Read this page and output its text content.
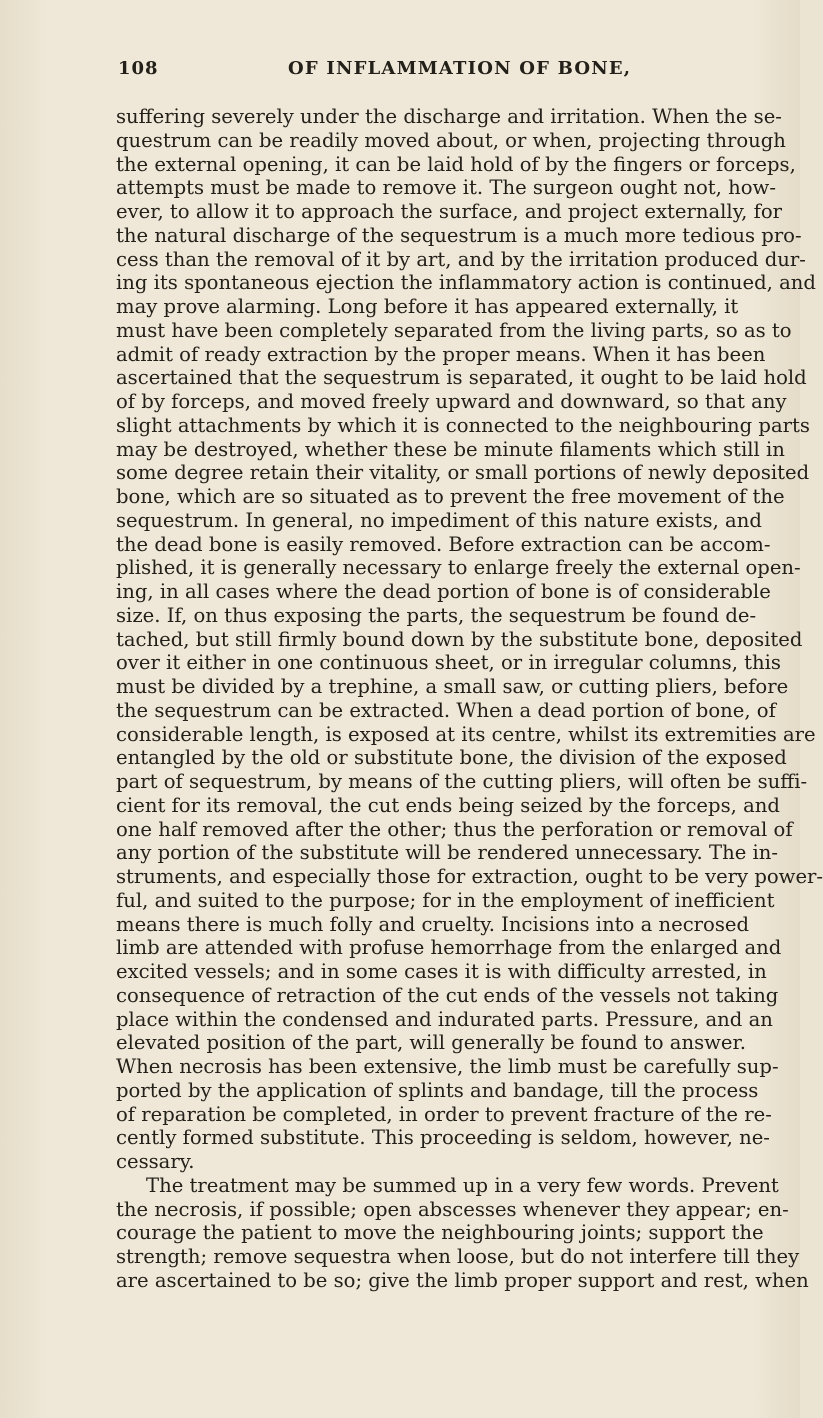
108	OF INFLAMMATION OF BONE,
suffering severely under the discharge and irritation. When the se-
questrum can be readily moved about, or when, projecting through
the external opening, it can be laid hold of by the fingers or forceps,
attempts must be made to remove it. The surgeon ought not, how-
ever, to allow it to approach the surface, and project externally, for
the natural discharge of the sequestrum is a much more tedious pro-
cess than the removal of it by art, and by the irritation produced dur-
ing its spontaneous ejection the inflammatory action is continued, and
may prove alarming. Long before it has appeared externally, it
must have been completely separated from the living parts, so as to
admit of ready extraction by the proper means. When it has been
ascertained that the sequestrum is separated, it ought to be laid hold
of by forceps, and moved freely upward and downward, so that any
slight attachments by which it is connected to the neighbouring parts
may be destroyed, whether these be minute filaments which still in
some degree retain their vitality, or small portions of newly deposited
bone, which are so situated as to prevent the free movement of the
sequestrum. In general, no impediment of this nature exists, and
the dead bone is easily removed. Before extraction can be accom-
plished, it is generally necessary to enlarge freely the external open-
ing, in all cases where the dead portion of bone is of considerable
size. If, on thus exposing the parts, the sequestrum be found de-
tached, but still firmly bound down by the substitute bone, deposited
over it either in one continuous sheet, or in irregular columns, this
must be divided by a trephine, a small saw, or cutting pliers, before
the sequestrum can be extracted. When a dead portion of bone, of
considerable length, is exposed at its centre, whilst its extremities are
entangled by the old or substitute bone, the division of the exposed
part of sequestrum, by means of the cutting pliers, will often be suffi-
cient for its removal, the cut ends being seized by the forceps, and
one half removed after the other; thus the perforation or removal of
any portion of the substitute will be rendered unnecessary. The in-
struments, and especially those for extraction, ought to be very power-
ful, and suited to the purpose; for in the employment of inefficient
means there is much folly and cruelty. Incisions into a necrosed
limb are attended with profuse hemorrhage from the enlarged and
excited vessels; and in some cases it is with difficulty arrested, in
consequence of retraction of the cut ends of the vessels not taking
place within the condensed and indurated parts. Pressure, and an
elevated position of the part, will generally be found to answer.
When necrosis has been extensive, the limb must be carefully sup-
ported by the application of splints and bandage, till the process
of reparation be completed, in order to prevent fracture of the re-
cently formed substitute. This proceeding is seldom, however, ne-
cessary.
The treatment may be summed up in a very few words. Prevent
the necrosis, if possible; open abscesses whenever they appear; en-
courage the patient to move the neighbouring joints; support the
strength; remove sequestra when loose, but do not interfere till they
are ascertained to be so; give the limb proper support and rest, when
